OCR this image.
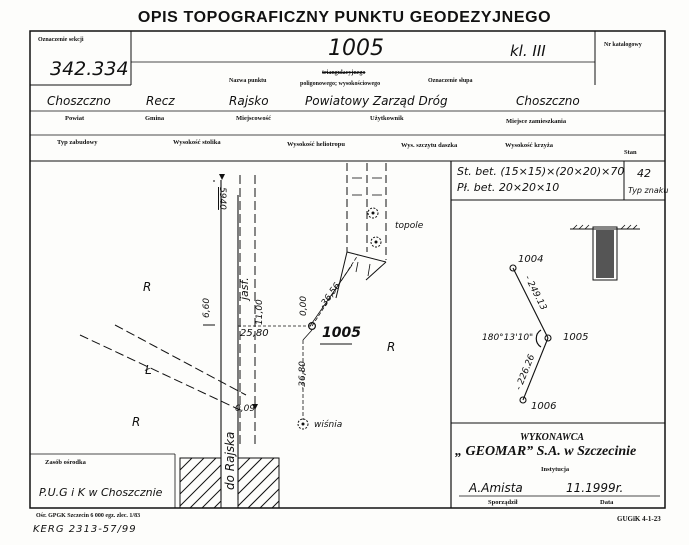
OPIS TOPOGRAFICZNY PUNKTU GEODEZYJNEGO
Oznaczenie sekcji
342.334
1005	kl. III	Nr katalogowy
Nazwa punktu
triangulacyjnego
poligonowego; wysokościowego	Oznaczenie słupa
Choszczno
Powiat
Recz
Gmina
Rajsko
Miejscowość
Powiatowy Zarząd Dróg
Użytkownik
Choszczno
Miejsce zamieszkania
Typ zabudowy	Wysokość stolika	Wysokość heliotropu	Wys. szczytu daszka	Wysokość krzyża
Stan
5940
jasf.
6,60	11,00
25,80
0,00 -36,56
1005
-36,80
wiśnia
topole
R
R
R
Ł
0,09
do Rajska
Zasób ośrodka
P.U.G i K w Choszcznie
St. bet. (15×15)×(20×20)×70
Pł. bet. 20×20×10
42
Typ znaku
1004
1005
1006
- 249.13
- 226.26
180°13'10"
WYKONAWCA
„ GEOMAR” S.A. w Szczecinie
Instytucja
A.Amista	11.1999r.
Sporządził	Data
Ośr. GPGK Szczecin 6 000 egz. zlec. 1/83
KERG 2313-57/99
GUGiK 4-1-23
